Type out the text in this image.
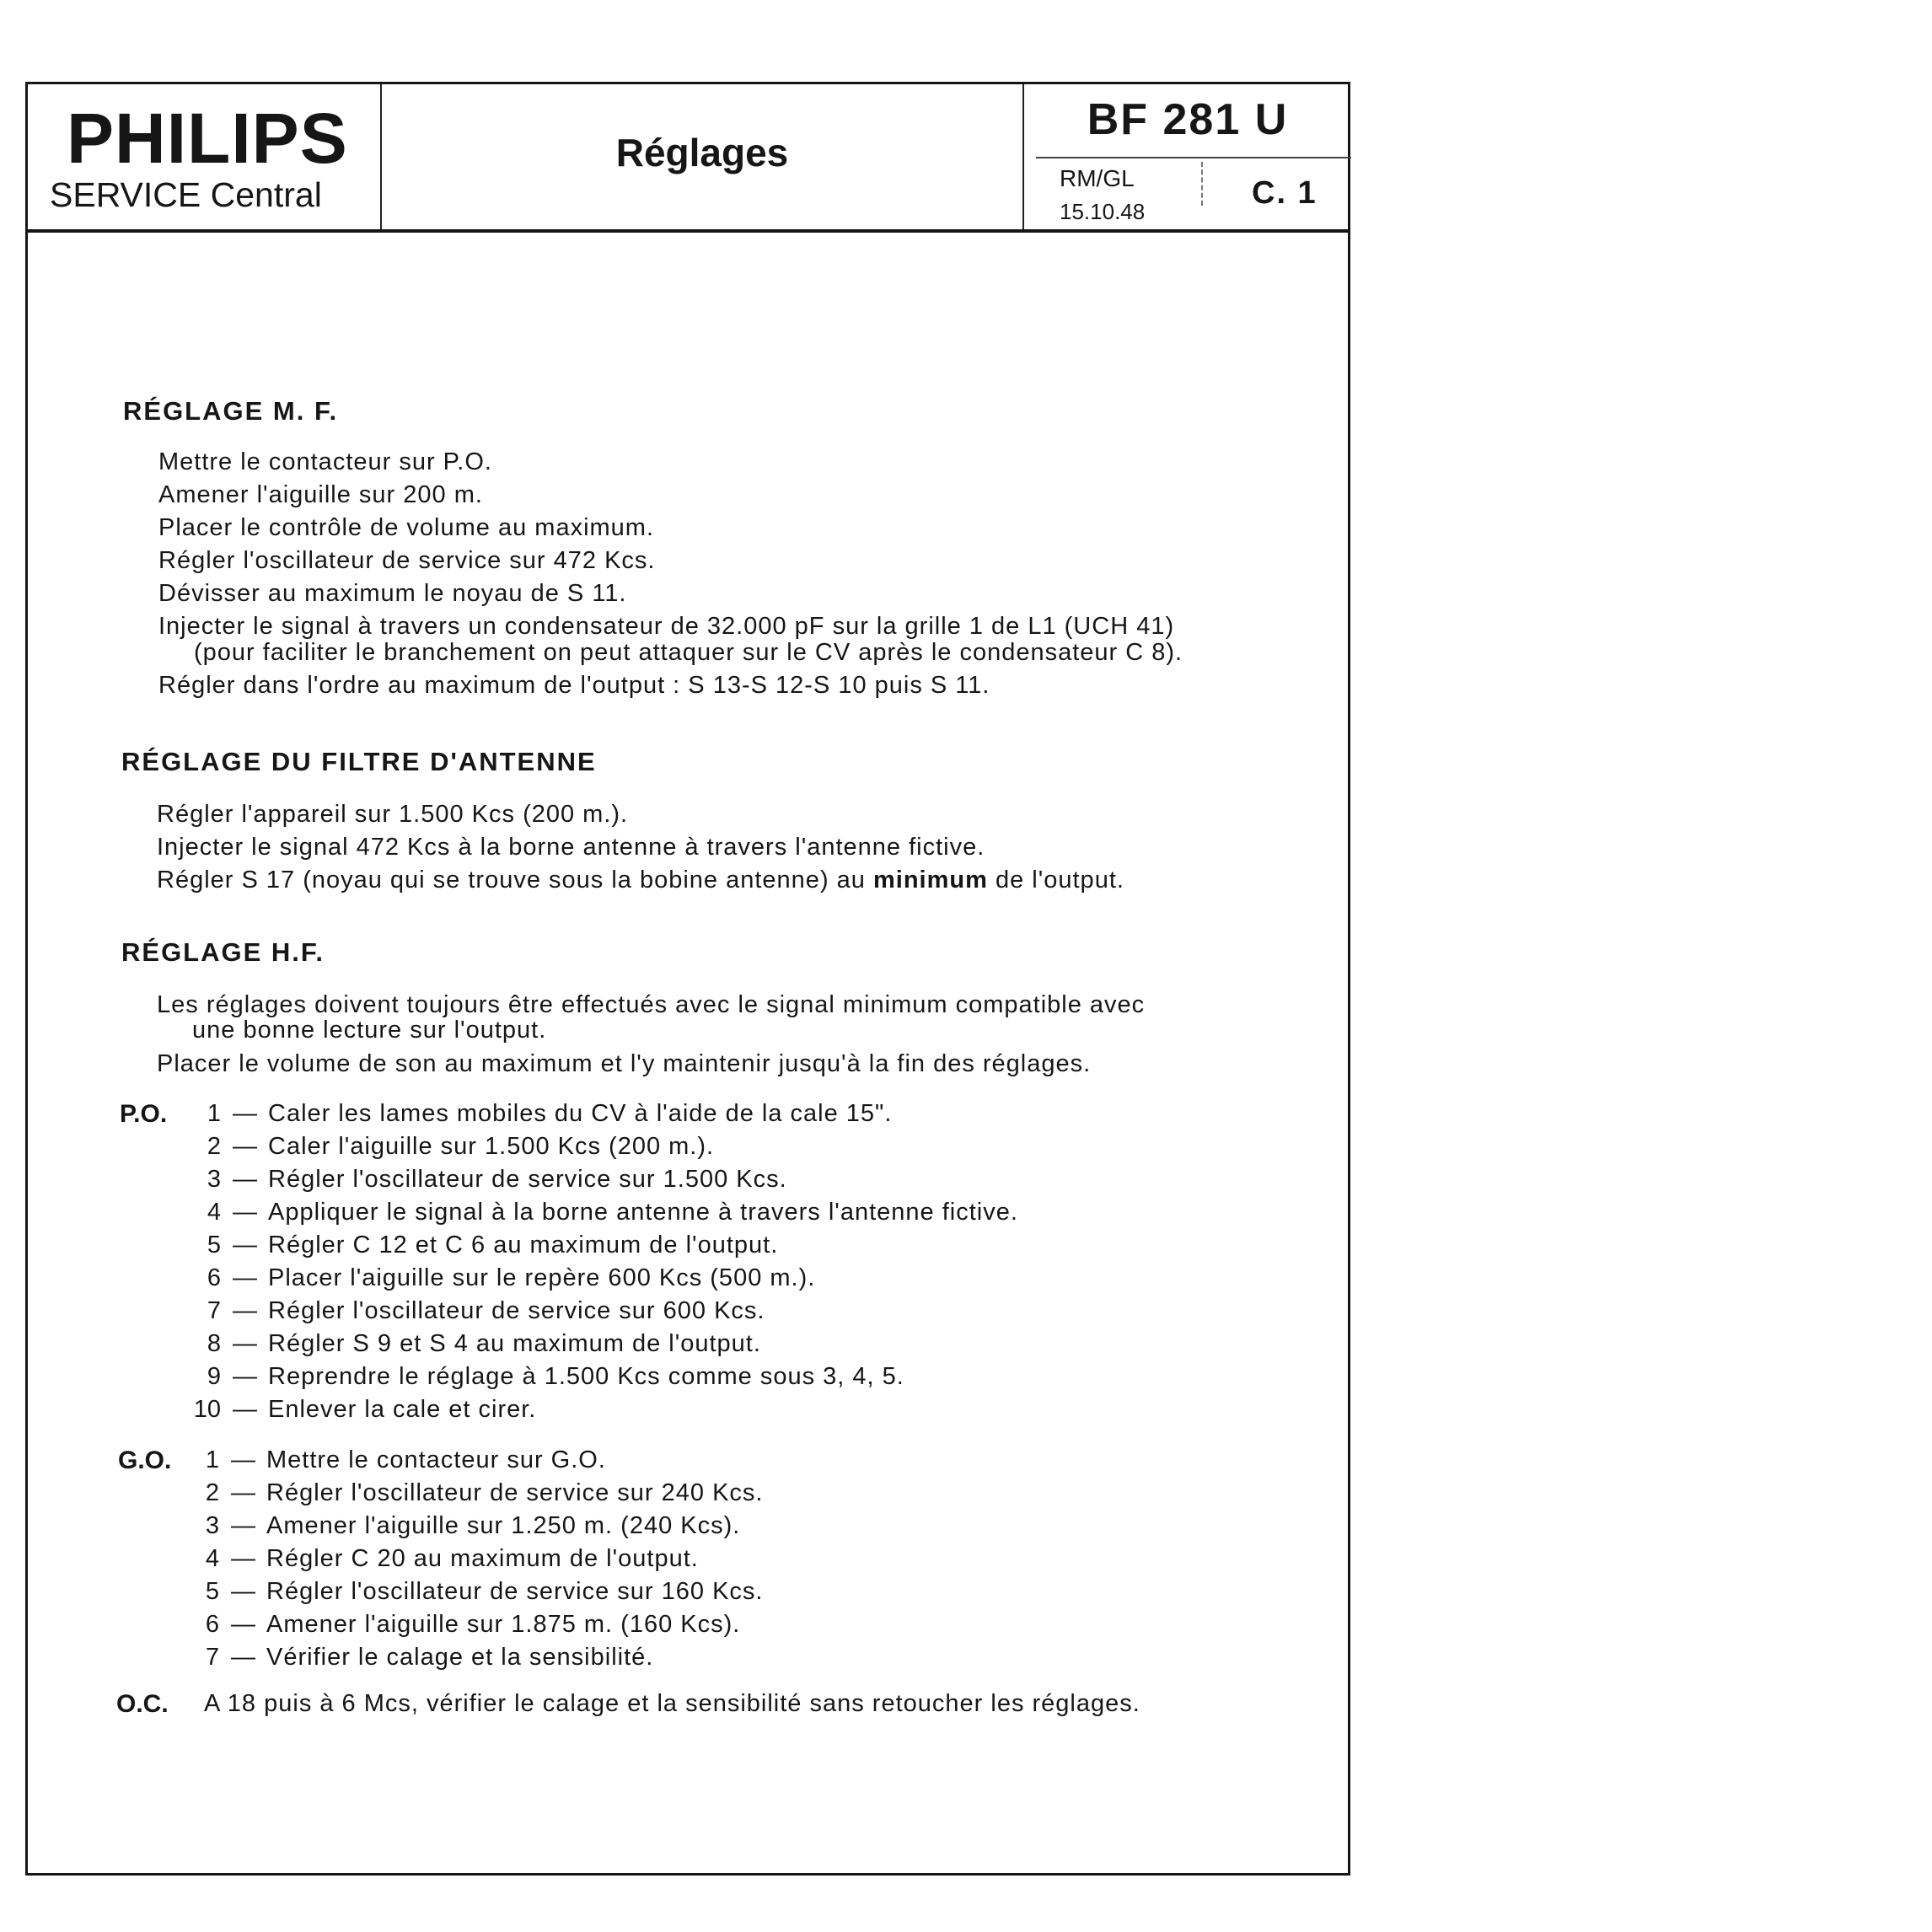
PHILIPS
SERVICE Central
Réglages
BF 281 U
RM/GL
15.10.48
C. 1
RÉGLAGE M. F.
Mettre le contacteur sur P.O.
Amener l'aiguille sur 200 m.
Placer le contrôle de volume au maximum.
Régler l'oscillateur de service sur 472 Kcs.
Dévisser au maximum le noyau de S 11.
Injecter le signal à travers un condensateur de 32.000 pF sur la grille 1 de L1 (UCH 41)
(pour faciliter le branchement on peut attaquer sur le CV après le condensateur C 8).
Régler dans l'ordre au maximum de l'output : S 13-S 12-S 10 puis S 11.
RÉGLAGE DU FILTRE D'ANTENNE
Régler l'appareil sur 1.500 Kcs (200 m.).
Injecter le signal 472 Kcs à la borne antenne à travers l'antenne fictive.
Régler S 17 (noyau qui se trouve sous la bobine antenne) au minimum de l'output.
RÉGLAGE H.F.
Les réglages doivent toujours être effectués avec le signal minimum compatible avec
une bonne lecture sur l'output.
Placer le volume de son au maximum et l'y maintenir jusqu'à la fin des réglages.
P.O.	1 — Caler les lames mobiles du CV à l'aide de la cale 15".
2 — Caler l'aiguille sur 1.500 Kcs (200 m.).
3 — Régler l'oscillateur de service sur 1.500 Kcs.
4 — Appliquer le signal à la borne antenne à travers l'antenne fictive.
5 — Régler C 12 et C 6 au maximum de l'output.
6 — Placer l'aiguille sur le repère 600 Kcs (500 m.).
7 — Régler l'oscillateur de service sur 600 Kcs.
8 — Régler S 9 et S 4 au maximum de l'output.
9 — Reprendre le réglage à 1.500 Kcs comme sous 3, 4, 5.
10 — Enlever la cale et cirer.
G.O.	1 — Mettre le contacteur sur G.O.
2 — Régler l'oscillateur de service sur 240 Kcs.
3 — Amener l'aiguille sur 1.250 m. (240 Kcs).
4 — Régler C 20 au maximum de l'output.
5 — Régler l'oscillateur de service sur 160 Kcs.
6 — Amener l'aiguille sur 1.875 m. (160 Kcs).
7 — Vérifier le calage et la sensibilité.
O.C. A 18 puis à 6 Mcs, vérifier le calage et la sensibilité sans retoucher les réglages.
